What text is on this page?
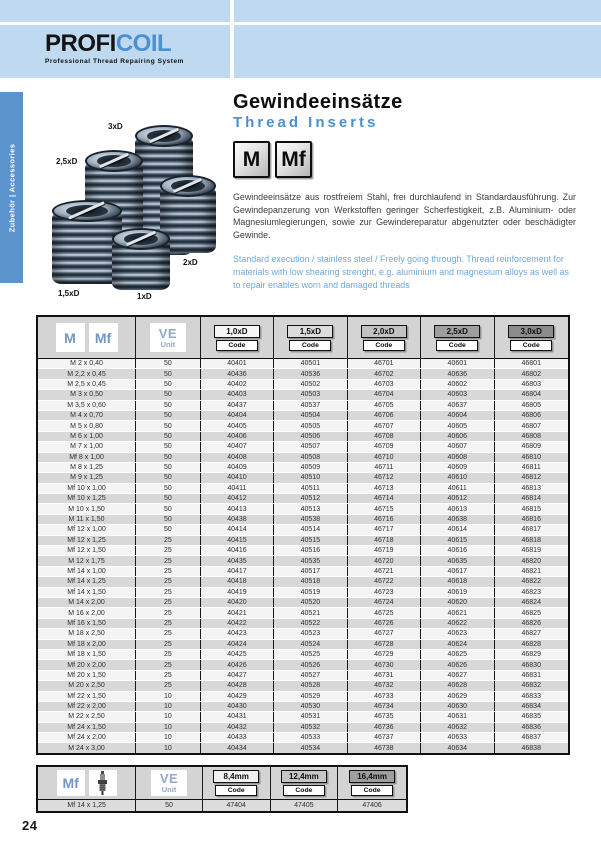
PROFICOIL
Professional Thread Repairing System
Zubehör | Accessories
3xD
2,5xD
2xD
1,5xD	1xD
Gewindeeinsätze
Thread Inserts
M	Mf

Gewindeeinsätze aus rostfreiem Stahl, frei durchlaufend in Standardausführung. Zur Gewindepanzerung von Werkstoffen geringer Scherfestigkeit, z.B. Aluminium- oder Magnesiumlegierungen, sowie zur Gewindereparatur abgenutzter oder beschädigter Gewinde.

Standard execution / stainless steel / Freely going through. Thread reinforcement for materials with low shearing strenght, e.g. aluminium and magnesium alloys as well as to repair enables worn and damaged threads

M	Mf	VE
Unit
1,0xD
Code
1,5xD
Code
2,0xD
Code
2,5xD
Code
3,0xD
Code
M 2 x 0,40	50	40401	40501	46701	40601	46801
M 2,2 x 0,45	50	40436	40536	46702	40636	46802
M 2,5 x 0,45	50	40402	40502	46703	40602	46803
M 3 x 0,50	50	40403	40503	46704	40603	46804
M 3,5 x 0,60	50	40437	40537	46705	40637	46805
M 4 x 0,70	50	40404	40504	46706	40604	46806
M 5 x 0,80	50	40405	40505	46707	40605	46807
M 6 x 1,00	50	40406	40506	46708	40606	46808
M 7 x 1,00	50	40407	40507	46709	40607	46809
Mf 8 x 1,00	50	40408	40508	46710	40608	46810
M 8 x 1,25	50	40409	40509	46711	40609	46811
M 9 x 1,25	50	40410	40510	46712	40610	46812
Mf 10 x 1,00	50	40411	40511	46713	40611	46813
Mf 10 x 1,25	50	40412	40512	46714	40612	46814
M 10 x 1,50	50	40413	40513	46715	40613	46815
M 11 x 1,50	50	40438	40538	46716	40638	46816
Mf 12 x 1,00	50	40414	40514	46717	40614	46817
Mf 12 x 1,25	25	40415	40515	46718	40615	46818
Mf 12 x 1,50	25	40416	40516	46719	40616	46819
M 12 x 1,75	25	40435	40535	46720	40635	46820
Mf 14 x 1,00	25	40417	40517	46721	40617	46821
Mf 14 x 1,25	25	40418	40518	46722	40618	46822
Mf 14 x 1,50	25	40419	40519	46723	40619	46823
M 14 x 2,00	25	40420	40520	46724	40620	46824
M 16 x 2,00	25	40421	40521	46725	40621	46825
Mf 16 x 1,50	25	40422	40522	46726	40622	46826
M 18 x 2,50	25	40423	40523	46727	40623	46827
Mf 18 x 2,00	25	40424	40524	46728	40624	46828
Mf 18 x 1,50	25	40425	40525	46729	40625	46829
Mf 20 x 2,00	25	40426	40526	46730	40626	46830
Mf 20 x 1,50	25	40427	40527	46731	40627	46831
M 20 x 2,50	25	40428	40528	46732	40628	46832
Mf 22 x 1,50	10	40429	40529	46733	40629	46833
Mf 22 x 2,00	10	40430	40530	46734	40630	46834
M 22 x 2,50	10	40431	40531	46735	40631	46835
Mf 24 x 1,50	10	40432	40532	46736	40632	46836
Mf 24 x 2,00	10	40433	40533	46737	40633	46837
M 24 x 3,00	10	40434	40534	46738	40634	46838
Mf	VE
Unit
8,4mm
Code
12,4mm
Code
16,4mm
Code
Mf 14 x 1,25	50	47404	47405	47406
24
